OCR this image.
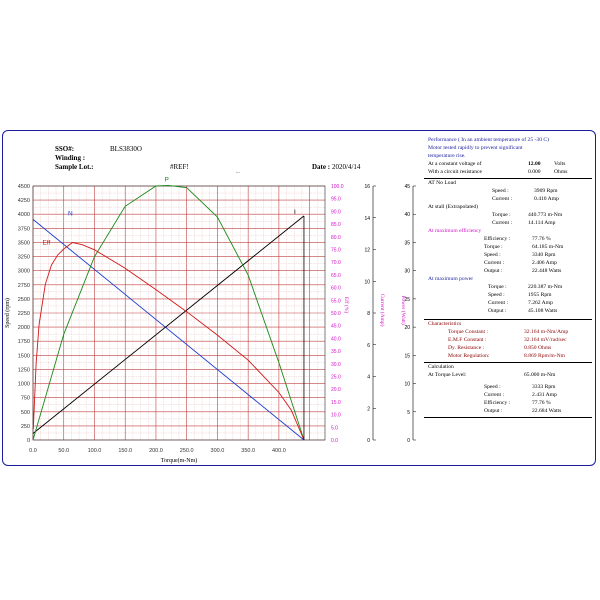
SSO#:	BLS3830O
Winding :
Sample Lot.:	#REF!	Date : 2020/4/14
...
0.0	50.0	100.0	150.0	200.0	250.0	300.0	350.0	400.0
Torque(m-Nm)
0
250
500
750
1000
1250
1500
1750
2000
2250
2500
2750
3000
3250
3500
3750
4000
4250
4500
Speed (rpm)
0.0
5.0
10.0
15.0
20.0
25.0
30.0
35.0
40.0
45.0
50.0
55.0
60.0
65.0
70.0
75.0
80.0
85.0
90.0
95.0
100.0
Eff (%)
0
2
4
6
8
10
12
14
16
Current (Amp)
0
5
10
15
20
25
30
35
40
45
Power (Watt)
N	I
P
Eff
Performance ( In an ambient temperature of 25 -30 C)
Motor tested rapidly to prevent significant
temperature rise.
At a constant voltage of	12.00 Volts
With a circuit resistance	0.000 Ohms
AT No Load
Speed :	3909 Rpm
Current :	0.410 Amp
At stall (Extrapolated)
Torque :	440.773 m-Nm
Current :	14.114 Amp
At maximum efficiency
Efficiency :	77.76 %
Torque :	64.185 m-Nm
Speed :	3340 Rpm
Current :	2.406 Amp
Output :	22.448 Watts
At maximum power
Torque :	220.387 m-Nm
Speed :	1955 Rpm
Current :	7.262 Amp
Output :	45.108 Watts
Characteristics
Torque Constant :	32.164 m-Nm/Amp
E.M.F Constant :	32.164 mV/rad/sec
Dy. Resistance :	0.850 Ohms
Motor Regulation:	8.869 Rpm/m-Nm
Calculation
At Torque Level:	65.000 m-Nm
Speed :	3333 Rpm
Current :	2.431 Amp
Efficiency :	77.76 %
Output :	22.684 Watts
